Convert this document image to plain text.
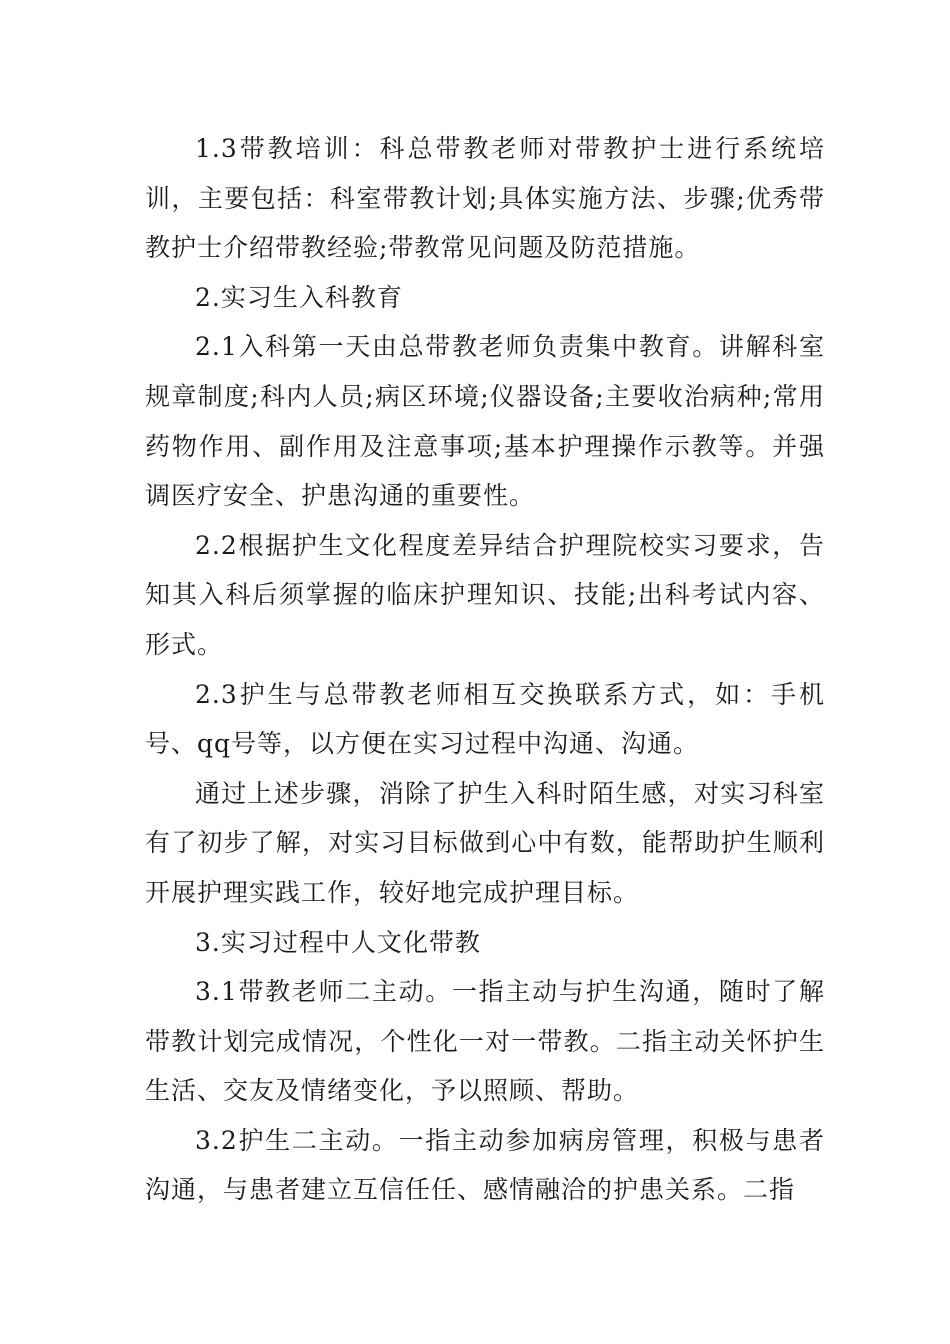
1.3带教培训：科总带教老师对带教护士进行系统培训，主要包括：科室带教计划;具体实施方法、步骤;优秀带教护士介绍带教经验;带教常见问题及防范措施。

2.实习生入科教育

2.1入科第一天由总带教老师负责集中教育。讲解科室规章制度;科内人员;病区环境;仪器设备;主要收治病种;常用药物作用、副作用及注意事项;基本护理操作示教等。并强调医疗安全、护患沟通的重要性。

2.2根据护生文化程度差异结合护理院校实习要求，告知其入科后须掌握的临床护理知识、技能;出科考试内容、形式。

2.3护生与总带教老师相互交换联系方式，如：手机号、qq号等，以方便在实习过程中沟通、沟通。

通过上述步骤，消除了护生入科时陌生感，对实习科室有了初步了解，对实习目标做到心中有数，能帮助护生顺利开展护理实践工作，较好地完成护理目标。

3.实习过程中人文化带教

3.1带教老师二主动。一指主动与护生沟通，随时了解带教计划完成情况，个性化一对一带教。二指主动关怀护生生活、交友及情绪变化，予以照顾、帮助。

3.2护生二主动。一指主动参加病房管理，积极与患者沟通，与患者建立互信任任、感情融洽的护患关系。二指
